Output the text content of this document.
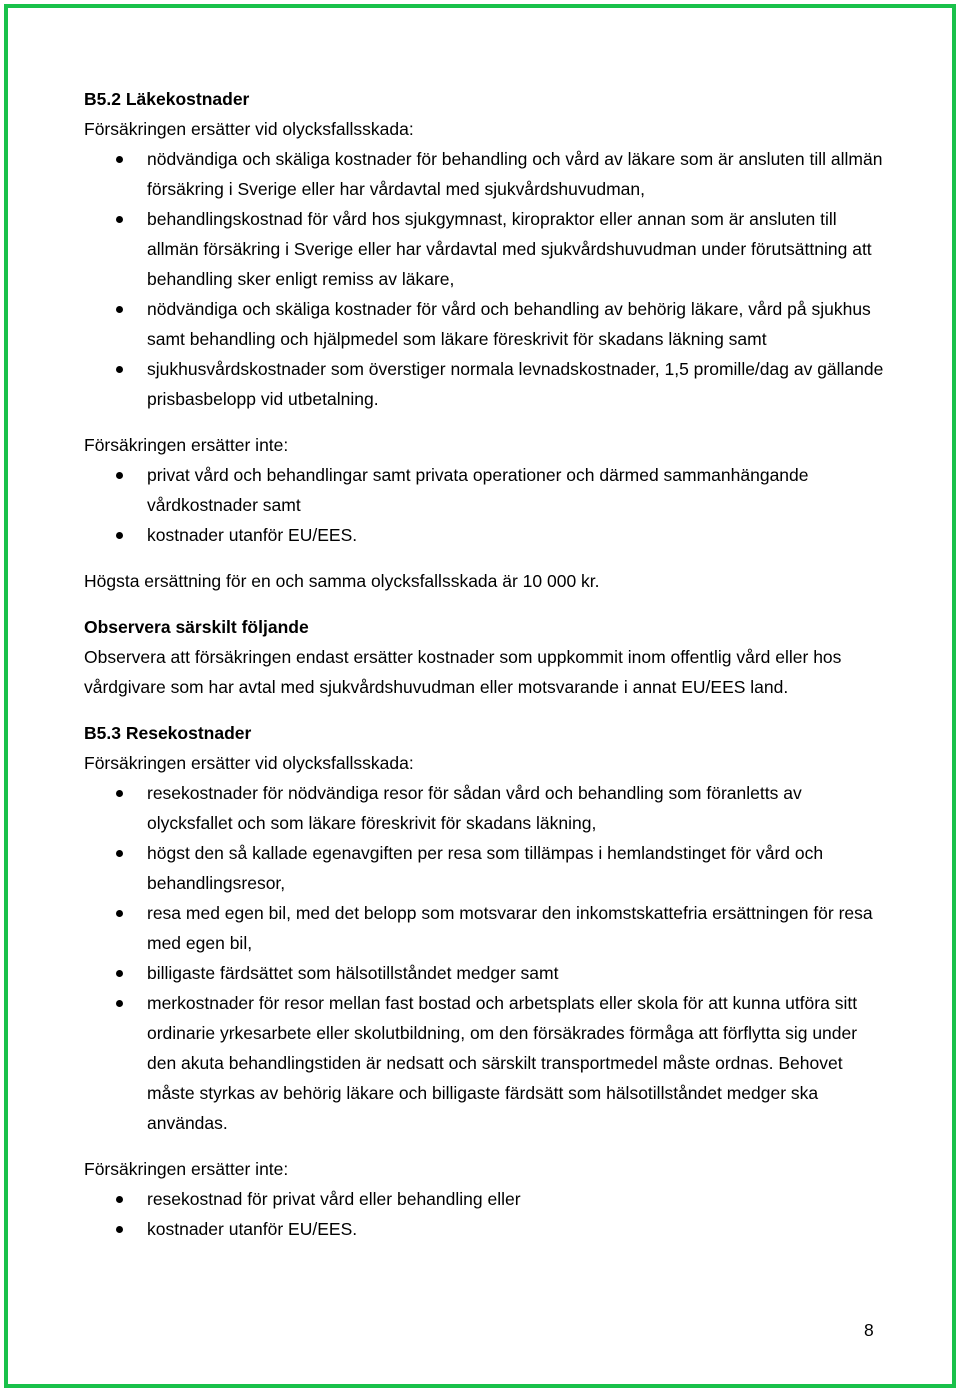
B5.2 Läkekostnader

Försäkringen ersätter vid olycksfallsskada:

nödvändiga och skäliga kostnader för behandling och vård av läkare som är ansluten till allmän försäkring i Sverige eller har vårdavtal med sjukvårdshuvudman,
behandlingskostnad för vård hos sjukgymnast, kiropraktor eller annan som är ansluten till allmän försäkring i Sverige eller har vårdavtal med sjukvårdshuvudman under förutsättning att behandling sker enligt remiss av läkare,
nödvändiga och skäliga kostnader för vård och behandling av behörig läkare, vård på sjukhus samt behandling och hjälpmedel som läkare föreskrivit för skadans läkning samt
sjukhusvårdskostnader som överstiger normala levnadskostnader, 1,5 promille/dag av gällande prisbasbelopp vid utbetalning.

Försäkringen ersätter inte:

privat vård och behandlingar samt privata operationer och därmed sammanhängande vårdkostnader samt
kostnader utanför EU/EES.

Högsta ersättning för en och samma olycksfallsskada är 10 000 kr.

Observera särskilt följande

Observera att försäkringen endast ersätter kostnader som uppkommit inom offentlig vård eller hos vårdgivare som har avtal med sjukvårdshuvudman eller motsvarande i annat EU/EES land.

B5.3 Resekostnader

Försäkringen ersätter vid olycksfallsskada:

resekostnader för nödvändiga resor för sådan vård och behandling som föranletts av olycksfallet och som läkare föreskrivit för skadans läkning,
högst den så kallade egenavgiften per resa som tillämpas i hemlandstinget för vård och behandlingsresor,
resa med egen bil, med det belopp som motsvarar den inkomstskattefria ersättningen för resa med egen bil,
billigaste färdsättet som hälsotillståndet medger samt
merkostnader för resor mellan fast bostad och arbetsplats eller skola för att kunna utföra sitt ordinarie yrkesarbete eller skolutbildning, om den försäkrades förmåga att förflytta sig under den akuta behandlingstiden är nedsatt och särskilt transportmedel måste ordnas. Behovet måste styrkas av behörig läkare och billigaste färdsätt som hälsotillståndet medger ska användas.

Försäkringen ersätter inte:

resekostnad för privat vård eller behandling eller
kostnader utanför EU/EES.
8
